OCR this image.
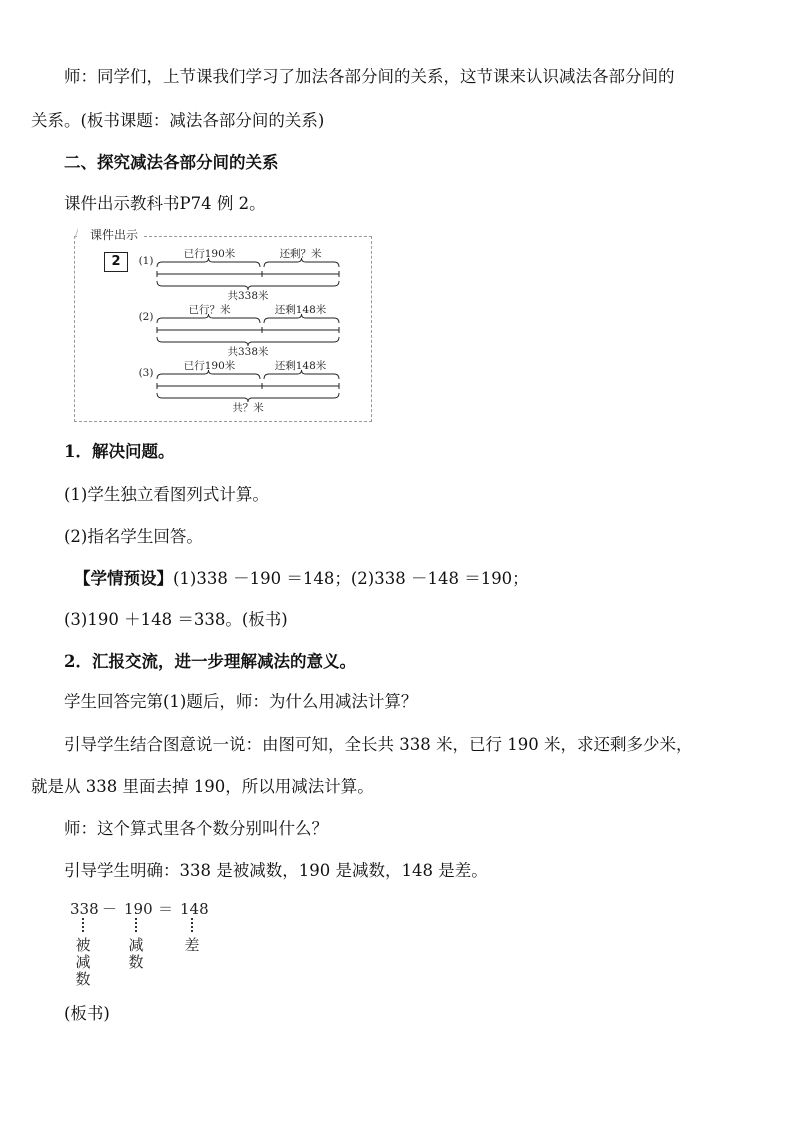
师：同学们，上节课我们学习了加法各部分间的关系，这节课来认识减法各部分间的
关系。(板书课题：减法各部分间的关系)
二、探究减法各部分间的关系
课件出示教科书P74 例 2。
课件出示
2	(1)
已行190米	还剩？米
共338米
(2)
已行？米	还剩148米
共338米
(3)
已行190米	还剩148米
共？米
1．解决问题。
(1)学生独立看图列式计算。
(2)指名学生回答。
【学情预设】(1)338 －190 ＝148；(2)338 －148 ＝190；
(3)190 ＋148 ＝338。(板书)
2．汇报交流，进一步理解减法的意义。
学生回答完第(1)题后，师：为什么用减法计算？
引导学生结合图意说一说：由图可知，全长共 338 米，已行 190 米，求还剩多少米，
就是从 338 里面去掉 190，所以用减法计算。
师：这个算式里各个数分别叫什么？
引导学生明确：338 是被减数，190 是减数，148 是差。
338 － 190 ＝ 148
被
减
数
减
数
差
(板书)
